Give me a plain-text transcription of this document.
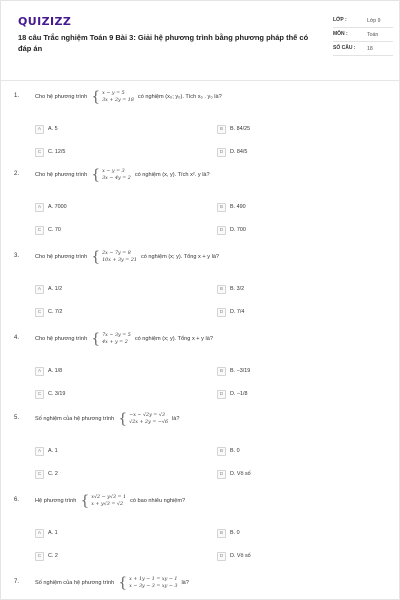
QUIZIZZ
18 câu Trắc nghiệm Toán 9 Bài 3: Giải hệ phương trình bằng phương pháp thế có đáp án
LỚP :	Lớp 9
MÔN :	Toán
SỐ CÂU :	18
1.	Cho hệ phương trình { x − y = 5
3x + 2y = 18
có nghiệm (x₀; y₀). Tích x₀ . y₀ là?
A	A. 5	B	B. 84/25
C	C. 12/5	D	D. 84/5
2.	Cho hệ phương trình { x − y = 3
3x − 4y = 2
có nghiệm (x, y). Tích x². y là?
A	A. 7000	B	B. 490
C	C. 70	D	D. 700
3.	Cho hệ phương trình { 2x − 7y = 8
10x + 3y = 21
có nghiệm (x; y). Tổng x + y là?
A	A. 1/2	B	B. 3/2
C	C. 7/2	D	D. 7/4
4.	Cho hệ phương trình { 7x − 3y = 5
4x + y = 2
có nghiệm (x; y). Tổng x + y là?
A	A. 1/8	B	B. −3/19
C	C. 3/19	D	D. −1/8
5.	Số nghiệm của hệ phương trình { −x − √2y = √3
√2x + 2y = −√6
là?
A	A. 1	B	B. 0
C	C. 2	D	D. Vô số
6.	Hệ phương trình { x√2 − y√3 = 1
x + y√3 = √2
có bao nhiêu nghiệm?
A	A. 1	B	B. 0
C	C. 2	D	D. Vô số
7.	Số nghiệm của hệ phương trình { x + 1y − 1 = xy − 1
x − 3y − 3 = xy − 3
là?
